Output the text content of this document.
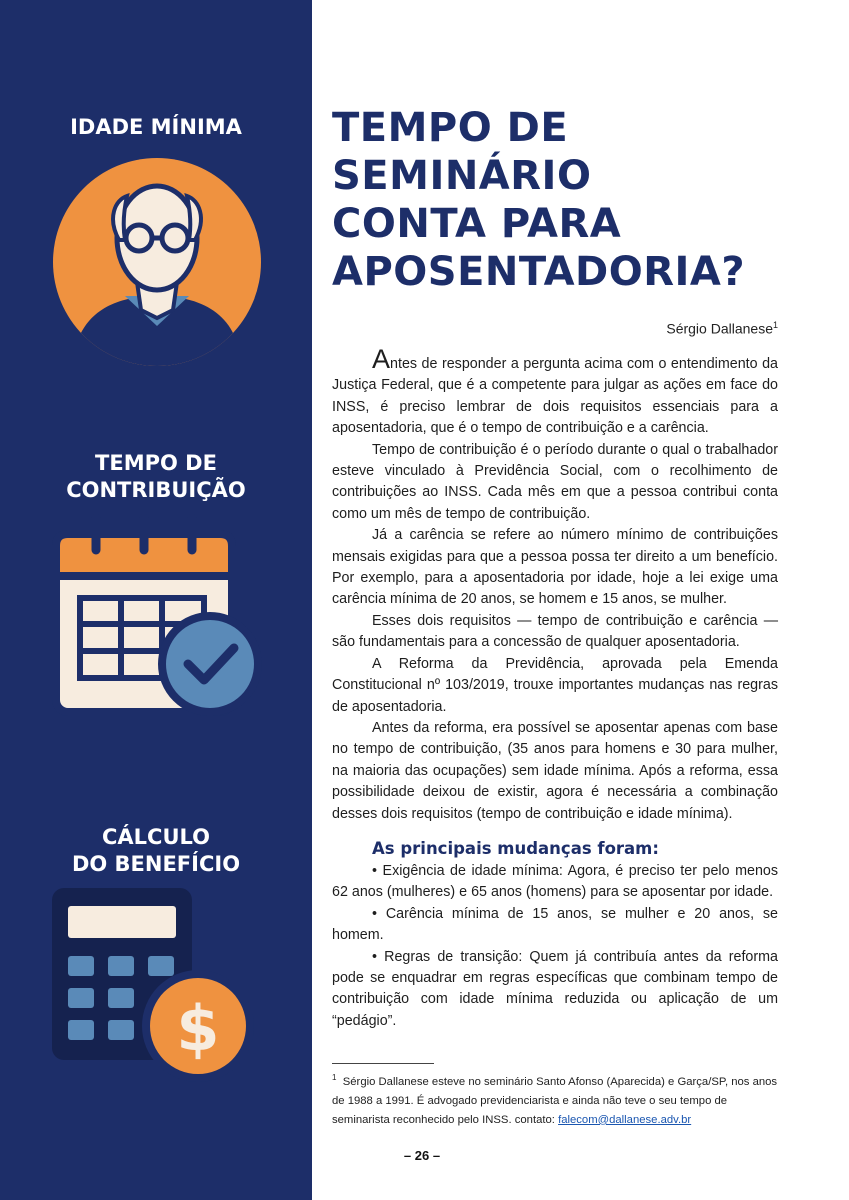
IDADE MÍNIMA
TEMPO DE
CONTRIBUIÇÃO
CÁLCULO
DO BENEFÍCIO
$
TEMPO DE
SEMINÁRIO
CONTA PARA
APOSENTADORIA?
Sérgio Dallanese$^1$

Antes de responder a pergunta acima com o entendimento da Justiça Federal, que é a competente para julgar as ações em face do INSS, é preciso lembrar de dois requisitos essenciais para a aposentadoria, que é o tempo de contribuição e a carência.

Tempo de contribuição é o período durante o qual o trabalhador esteve vinculado à Previdência Social, com o recolhimento de contribuições ao INSS. Cada mês em que a pessoa contribui conta como um mês de tempo de contribuição.

Já a carência se refere ao número mínimo de contribuições mensais exigidas para que a pessoa possa ter direito a um benefício. Por exemplo, para a aposentadoria por idade, hoje a lei exige uma carência mínima de 20 anos, se homem e 15 anos, se mulher.

Esses dois requisitos — tempo de contribuição e carência — são fundamentais para a concessão de qualquer aposentadoria.

A Reforma da Previdência, aprovada pela Emenda Constitucional nº 103/2019, trouxe importantes mudanças nas regras de aposentadoria.

Antes da reforma, era possível se aposentar apenas com base no tempo de contribuição, (35 anos para homens e 30 para mulher, na maioria das ocupações) sem idade mínima. Após a reforma, essa possibilidade deixou de existir, agora é necessária a combinação desses dois requisitos (tempo de contribuição e idade mínima).

As principais mudanças foram:

• Exigência de idade mínima: Agora, é preciso ter pelo menos 62 anos (mulheres) e 65 anos (homens) para se aposentar por idade.

• Carência mínima de 15 anos, se mulher e 20 anos, se homem.

• Regras de transição: Quem já contribuía antes da reforma pode se enquadrar em regras específicas que combinam tempo de contribuição com idade mínima reduzida ou aplicação de um “pedágio”.

$^1$ Sérgio Dallanese esteve no seminário Santo Afonso (Aparecida) e Garça/SP, nos anos de 1988 a 1991. É advogado previdenciarista e ainda não teve o seu tempo de seminarista reconhecido pelo INSS. contato: falecom@dallanese.adv.br
– 26 –
